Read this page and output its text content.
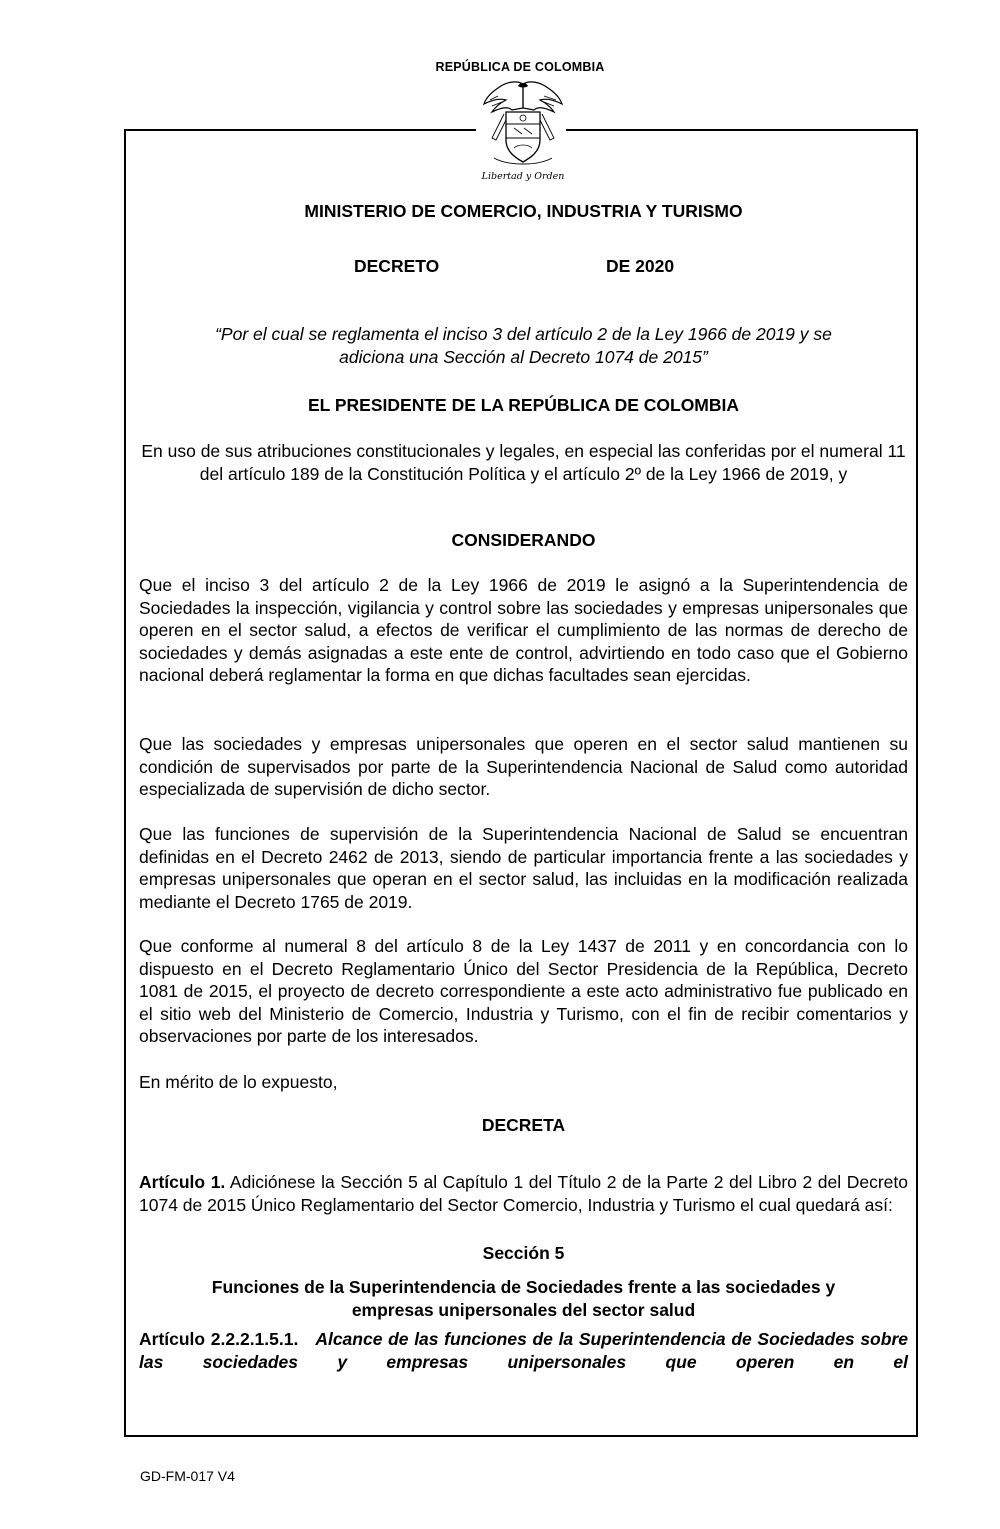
REPÚBLICA DE COLOMBIA
Libertad y Orden
MINISTERIO DE COMERCIO, INDUSTRIA Y TURISMO
DECRETO	DE 2020
“Por el cual se reglamenta el inciso 3 del artículo 2 de la Ley 1966 de 2019 y se
adiciona una Sección al Decreto 1074 de 2015”
EL PRESIDENTE DE LA REPÚBLICA DE COLOMBIA
En uso de sus atribuciones constitucionales y legales, en especial las conferidas por el numeral 11 del artículo 189 de la Constitución Política y el artículo 2º de la Ley 1966 de 2019, y
CONSIDERANDO
Que el inciso 3 del artículo 2 de la Ley 1966 de 2019 le asignó a la Superintendencia de Sociedades la inspección, vigilancia y control sobre las sociedades y empresas unipersonales que operen en el sector salud, a efectos de verificar el cumplimiento de las normas de derecho de sociedades y demás asignadas a este ente de control, advirtiendo en todo caso que el Gobierno nacional deberá reglamentar la forma en que dichas facultades sean ejercidas.
Que las sociedades y empresas unipersonales que operen en el sector salud mantienen su condición de supervisados por parte de la Superintendencia Nacional de Salud como autoridad especializada de supervisión de dicho sector.
Que las funciones de supervisión de la Superintendencia Nacional de Salud se encuentran definidas en el Decreto 2462 de 2013, siendo de particular importancia frente a las sociedades y empresas unipersonales que operan en el sector salud, las incluidas en la modificación realizada mediante el Decreto 1765 de 2019.
Que conforme al numeral 8 del artículo 8 de la Ley 1437 de 2011 y en concordancia con lo dispuesto en el Decreto Reglamentario Único del Sector Presidencia de la República, Decreto 1081 de 2015, el proyecto de decreto correspondiente a este acto administrativo fue publicado en el sitio web del Ministerio de Comercio, Industria y Turismo, con el fin de recibir comentarios y observaciones por parte de los interesados.
En mérito de lo expuesto,
DECRETA
Artículo 1. Adiciónese la Sección 5 al Capítulo 1 del Título 2 de la Parte 2 del Libro 2 del Decreto 1074 de 2015 Único Reglamentario del Sector Comercio, Industria y Turismo el cual quedará así:
Sección 5
Funciones de la Superintendencia de Sociedades frente a las sociedades y
empresas unipersonales del sector salud
Artículo 2.2.2.1.5.1. Alcance de las funciones de la Superintendencia de Sociedades sobre las sociedades y empresas unipersonales que operen en el
GD-FM-017 V4
